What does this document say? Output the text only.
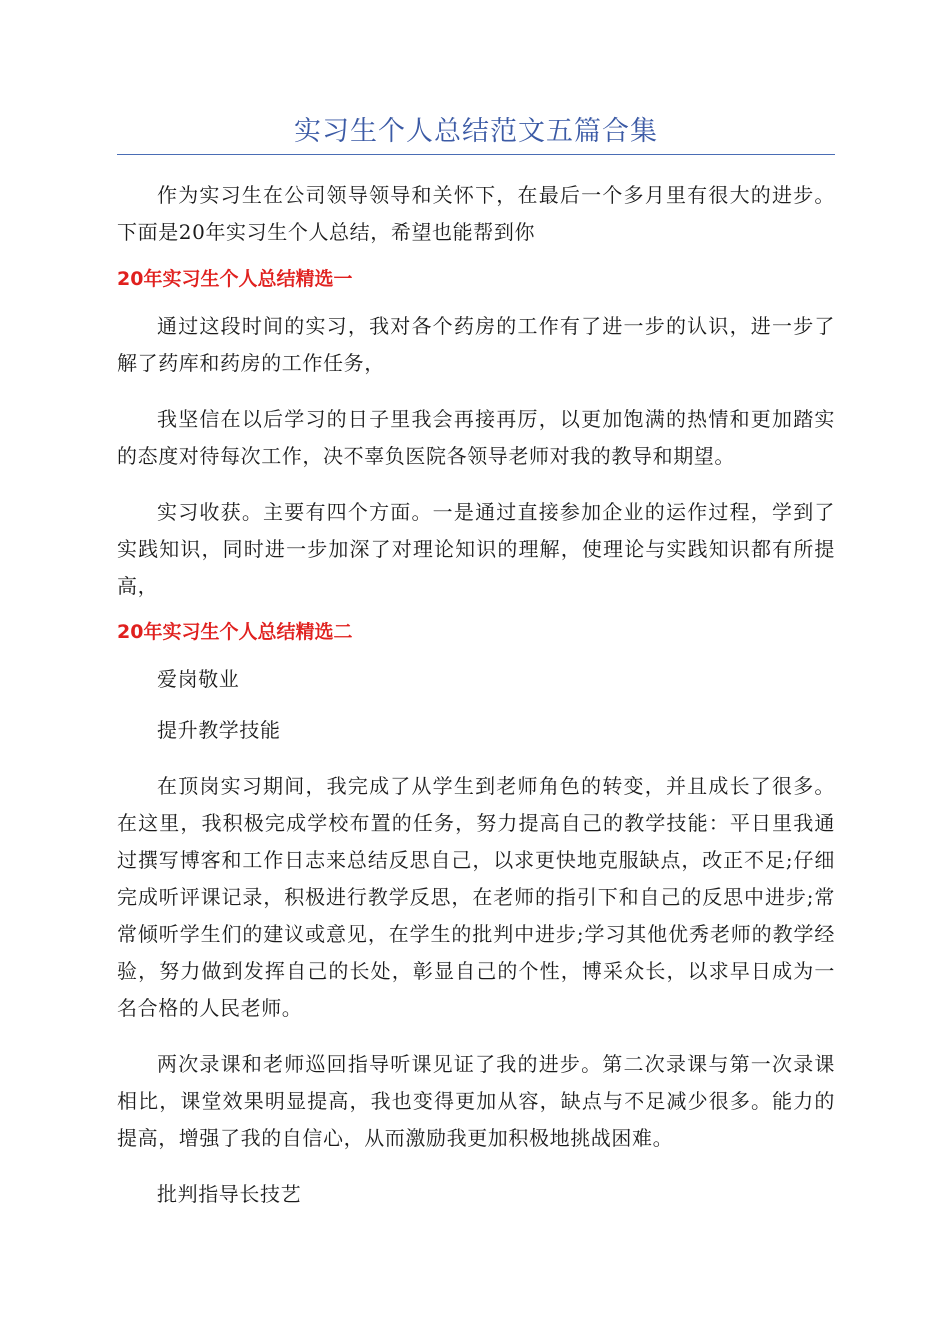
实习生个人总结范文五篇合集

作为实习生在公司领导领导和关怀下，在最后一个多月里有很大的进步。下面是20年实习生个人总结，希望也能帮到你

20年实习生个人总结精选一

通过这段时间的实习，我对各个药房的工作有了进一步的认识，进一步了解了药库和药房的工作任务，

我坚信在以后学习的日子里我会再接再厉，以更加饱满的热情和更加踏实的态度对待每次工作，决不辜负医院各领导老师对我的教导和期望。

实习收获。主要有四个方面。一是通过直接参加企业的运作过程，学到了实践知识，同时进一步加深了对理论知识的理解，使理论与实践知识都有所提高，

20年实习生个人总结精选二

爱岗敬业

提升教学技能

在顶岗实习期间，我完成了从学生到老师角色的转变，并且成长了很多。在这里，我积极完成学校布置的任务，努力提高自己的教学技能：平日里我通过撰写博客和工作日志来总结反思自己，以求更快地克服缺点，改正不足;仔细完成听评课记录，积极进行教学反思，在老师的指引下和自己的反思中进步;常常倾听学生们的建议或意见，在学生的批判中进步;学习其他优秀老师的教学经验，努力做到发挥自己的长处，彰显自己的个性，博采众长，以求早日成为一名合格的人民老师。

两次录课和老师巡回指导听课见证了我的进步。第二次录课与第一次录课相比，课堂效果明显提高，我也变得更加从容，缺点与不足减少很多。能力的提高，增强了我的自信心，从而激励我更加积极地挑战困难。

批判指导长技艺
